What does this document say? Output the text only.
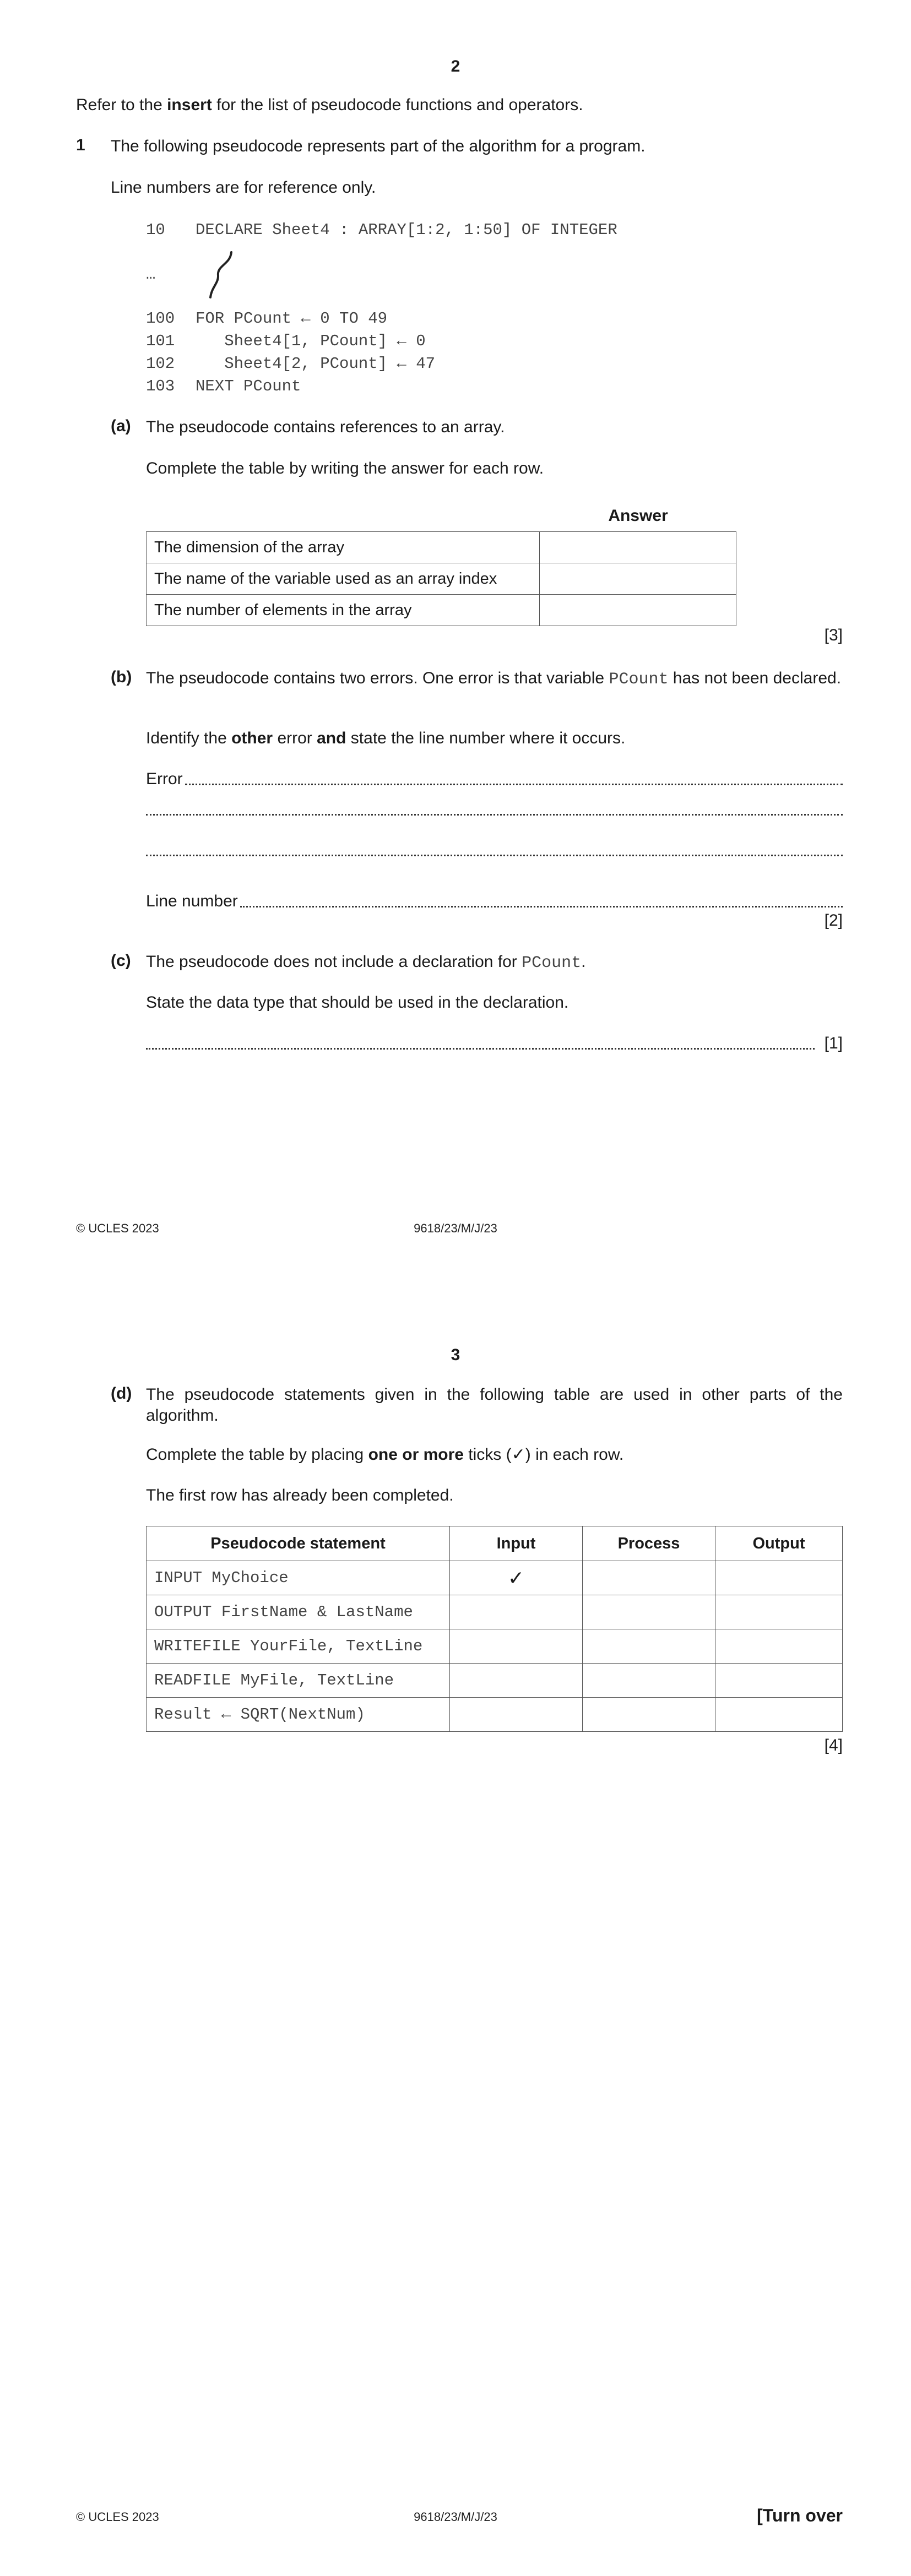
2
Refer to the insert for the list of pseudocode functions and operators.
1 The following pseudocode represents part of the algorithm for a program.
Line numbers are for reference only.
10 DECLARE Sheet4 : ARRAY[1:2, 1:50] OF INTEGER
…
100 FOR PCount ← 0 TO 49
101   Sheet4[1, PCount] ← 0
102   Sheet4[2, PCount] ← 47
103 NEXT PCount
(a) The pseudocode contains references to an array.
Complete the table by writing the answer for each row.
Answer
The dimension of the array	
The name of the variable used as an array index	
The number of elements in the array	
[3]
(b) The pseudocode contains two errors. One error is that variable PCount has not been declared.
Identify the other error and state the line number where it occurs.
Error
Line number
[2]
(c) The pseudocode does not include a declaration for PCount.
State the data type that should be used in the declaration.
[1]
© UCLES 2023	9618/23/M/J/23
3
(d) The pseudocode statements given in the following table are used in other parts of the algorithm.
Complete the table by placing one or more ticks (✓) in each row.
The first row has already been completed.
Pseudocode statement	Input	Process	Output
INPUT MyChoice	✓		
OUTPUT FirstName & LastName			
WRITEFILE YourFile, TextLine			
READFILE MyFile, TextLine			
Result ← SQRT(NextNum)			
[4]
© UCLES 2023	9618/23/M/J/23	[Turn over
